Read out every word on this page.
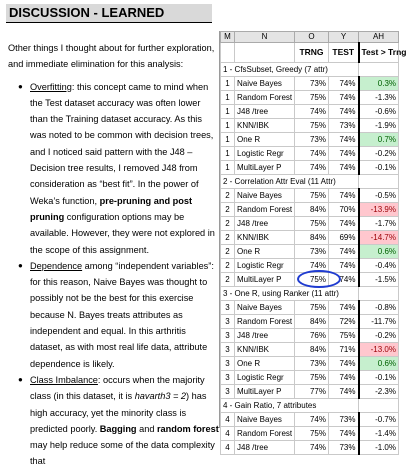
DISCUSSION - LEARNED

Other things I thought about for further exploration, and immediate elimination for this analysis:

● Overfitting: this concept came to mind when the Test dataset accuracy was often lower than the Training dataset accuracy. As this was noted to be common with decision trees, and I noticed said pattern with the J48 – Decision tree results, I removed J48 from consideration as “best fit”. In the power of Weka’s function, pre-pruning and post pruning configuration options may be available. However, they were not explored in the scope of this assignment.

● Dependence among “independent variables”: for this reason, Naive Bayes was thought to possibly not be the best for this exercise because N. Bayes treats attributes as independent and equal. In this arthritis dataset, as with most real life data, attribute dependence is likely.

● Class Imbalance: occurs when the majority class (in this dataset, it is havarth3 = 2) has high accuracy, yet the minority class is predicted poorly. Bagging and random forest may help reduce some of the data complexity that

M	N	O	Y	AH
		TRNG	TEST	Test > Trng
1 - CfsSubset, Greedy (7 attr)				
1	Naive Bayes	73%	74%	0.3%
1	Random Forest	75%	74%	-1.3%
1	J48 /tree	74%	74%	-0.6%
1	KNN/IBK	75%	73%	-1.9%
1	One R	73%	74%	0.7%
1	Logistic Regr	74%	74%	-0.2%
1	MultiLayer P	74%	74%	-0.1%
2 - Correlation Attr Eval (11 Attr)				
2	Naive Bayes	75%	74%	-0.5%
2	Random Forest	84%	70%	-13.9%
2	J48 /tree	75%	74%	-1.7%
2	KNN/IBK	84%	69%	-14.7%
2	One R	73%	74%	0.6%
2	Logistic Regr	74%	74%	-0.4%
2	MultiLayer P	75%	74%	-1.5%
3 - One R, using Ranker (11 attr)				
3	Naive Bayes	75%	74%	-0.8%
3	Random Forest	84%	72%	-11.7%
3	J48 /tree	76%	75%	-0.2%
3	KNN/IBK	84%	71%	-13.0%
3	One R	73%	74%	0.6%
3	Logistic Regr	75%	74%	-0.1%
3	MultiLayer P	77%	74%	-2.3%
4 - Gain Ratio, 7 attributes				
4	Naive Bayes	74%	73%	-0.7%
4	Random Forest	75%	74%	-1.4%
4	J48 /tree	74%	73%	-1.0%
